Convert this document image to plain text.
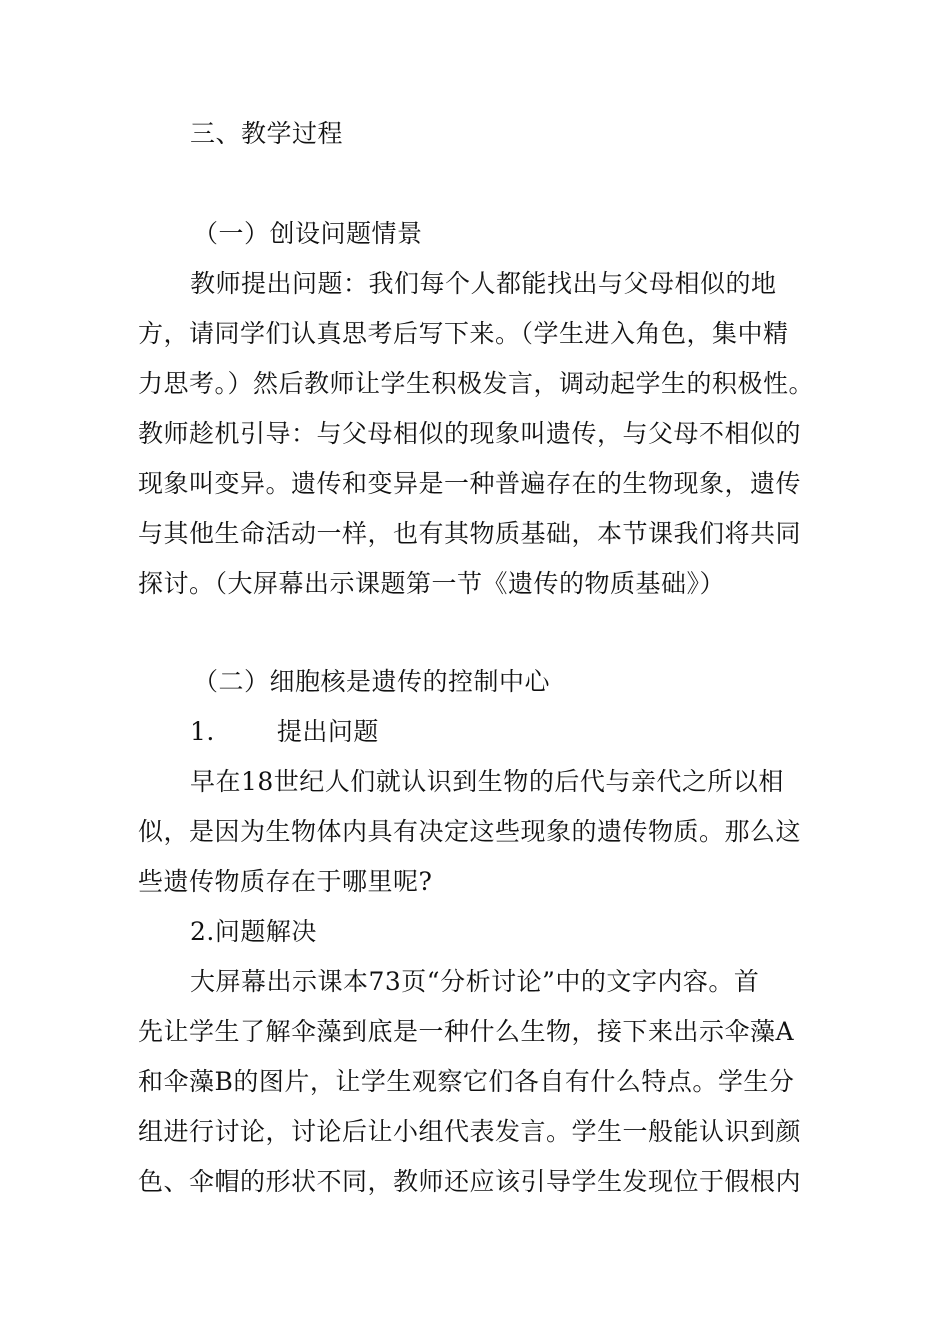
三、教学过程
（一）创设问题情景
教师提出问题：我们每个人都能找出与父母相似的地
方，请同学们认真思考后写下来。（学生进入角色，集中精
力思考。）然后教师让学生积极发言，调动起学生的积极性。
教师趁机引导：与父母相似的现象叫遗传，与父母不相似的
现象叫变异。遗传和变异是一种普遍存在的生物现象，遗传
与其他生命活动一样，也有其物质基础，本节课我们将共同
探讨。（大屏幕出示课题第一节《遗传的物质基础》）
（二）细胞核是遗传的控制中心
1. 提出问题
早在18世纪人们就认识到生物的后代与亲代之所以相
似，是因为生物体内具有决定这些现象的遗传物质。那么这
些遗传物质存在于哪里呢?
2.问题解决
大屏幕出示课本73页“分析讨论”中的文字内容。首
先让学生了解伞藻到底是一种什么生物，接下来出示伞藻A
和伞藻B的图片，让学生观察它们各自有什么特点。学生分
组进行讨论，讨论后让小组代表发言。学生一般能认识到颜
色、伞帽的形状不同，教师还应该引导学生发现位于假根内
